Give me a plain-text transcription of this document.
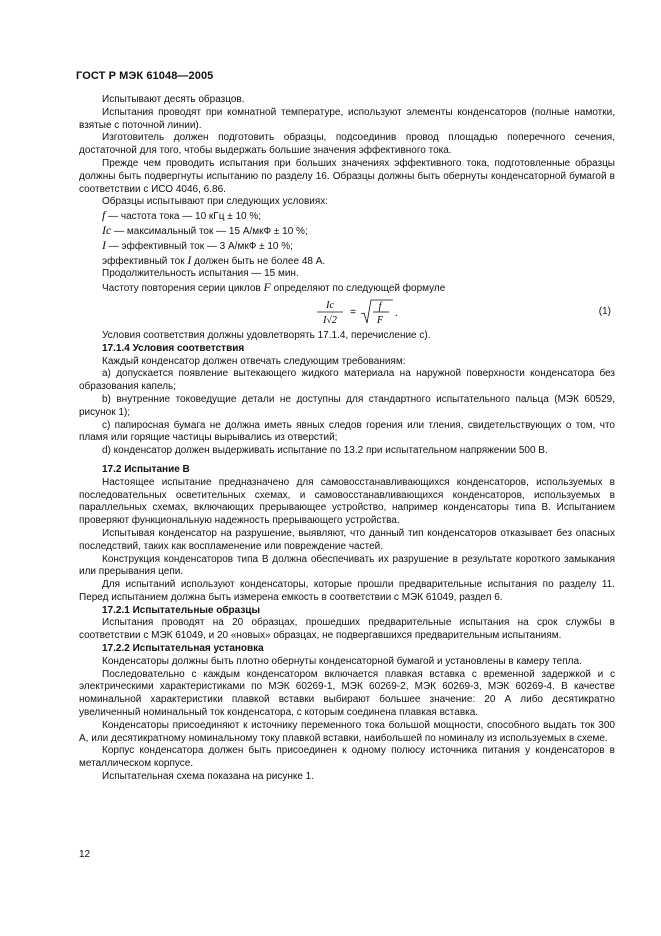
ГОСТ Р МЭК 61048—2005

Испытывают десять образцов.

Испытания проводят при комнатной температуре, используют элементы конденсаторов (полные намотки, взятые с поточной линии).

Изготовитель должен подготовить образцы, подсоединив провод площадью поперечного сечения, достаточной для того, чтобы выдержать большие значения эффективного тока.

Прежде чем проводить испытания при больших значениях эффективного тока, подготовленные образцы должны быть подвергнуты испытанию по разделу 16. Образцы должны быть обернуты конденсаторной бумагой в соответствии с ИСО 4046, 6.86.

Образцы испытывают при следующих условиях:

f — частота тока — 10 кГц ± 10 %;

Ic — максимальный ток — 15 А/мкФ ± 10 %;

I — эффективный ток — 3 А/мкФ ± 10 %;

эффективный ток I должен быть не более 48 А.

Продолжительность испытания — 15 мин.

Частоту повторения серии циклов F определяют по следующей формуле

Ic
I√2
=
f
F
.	(1)

Условия соответствия должны удовлетворять 17.1.4, перечисление с).

17.1.4 Условия соответствия

Каждый конденсатор должен отвечать следующим требованиям:

a) допускается появление вытекающего жидкого материала на наружной поверхности конденсатора без образования капель;

b) внутренние токоведущие детали не доступны для стандартного испытательного пальца (МЭК 60529, рисунок 1);

c) папиросная бумага не должна иметь явных следов горения или тления, свидетельствующих о том, что пламя или горящие частицы вырывались из отверстий;

d) конденсатор должен выдерживать испытание по 13.2 при испытательном напряжении 500 В.

17.2 Испытание В

Настоящее испытание предназначено для самовосстанавливающихся конденсаторов, используемых в последовательных осветительных схемах, и самовосстанавливающихся конденсаторов, используемых в параллельных схемах, включающих прерывающее устройство, например конденсаторы типа В. Испытанием проверяют функциональную надежность прерывающего устройства.

Испытывая конденсатор на разрушение, выявляют, что данный тип конденсаторов отказывает без опасных последствий, таких как воспламенение или повреждение частей.

Конструкция конденсаторов типа В должна обеспечивать их разрушение в результате короткого замыкания или прерывания цепи.

Для испытаний используют конденсаторы, которые прошли предварительные испытания по разделу 11. Перед испытанием должна быть измерена емкость в соответствии с МЭК 61049, раздел 6.

17.2.1 Испытательные образцы

Испытания проводят на 20 образцах, прошедших предварительные испытания на срок службы в соответствии с МЭК 61049, и 20 «новых» образцах, не подвергавшихся предварительным испытаниям.

17.2.2 Испытательная установка

Конденсаторы должны быть плотно обернуты конденсаторной бумагой и установлены в камеру тепла.

Последовательно с каждым конденсатором включается плавкая вставка с временной задержкой и с электрическими характеристиками по МЭК 60269-1, МЭК 60269-2, МЭК 60269-3, МЭК 60269-4. В качестве номинальной характеристики плавкой вставки выбирают большее значение: 20 А либо десятикратно увеличенный номинальный ток конденсатора, с которым соединена плавкая вставка.

Конденсаторы присоединяют к источнику переменного тока большой мощности, способного выдать ток 300 А, или десятикратному номинальному току плавкой вставки, наибольшей по номиналу из используемых в схеме.

Корпус конденсатора должен быть присоединен к одному полюсу источника питания у конденсаторов в металлическом корпусе.

Испытательная схема показана на рисунке 1.

12
